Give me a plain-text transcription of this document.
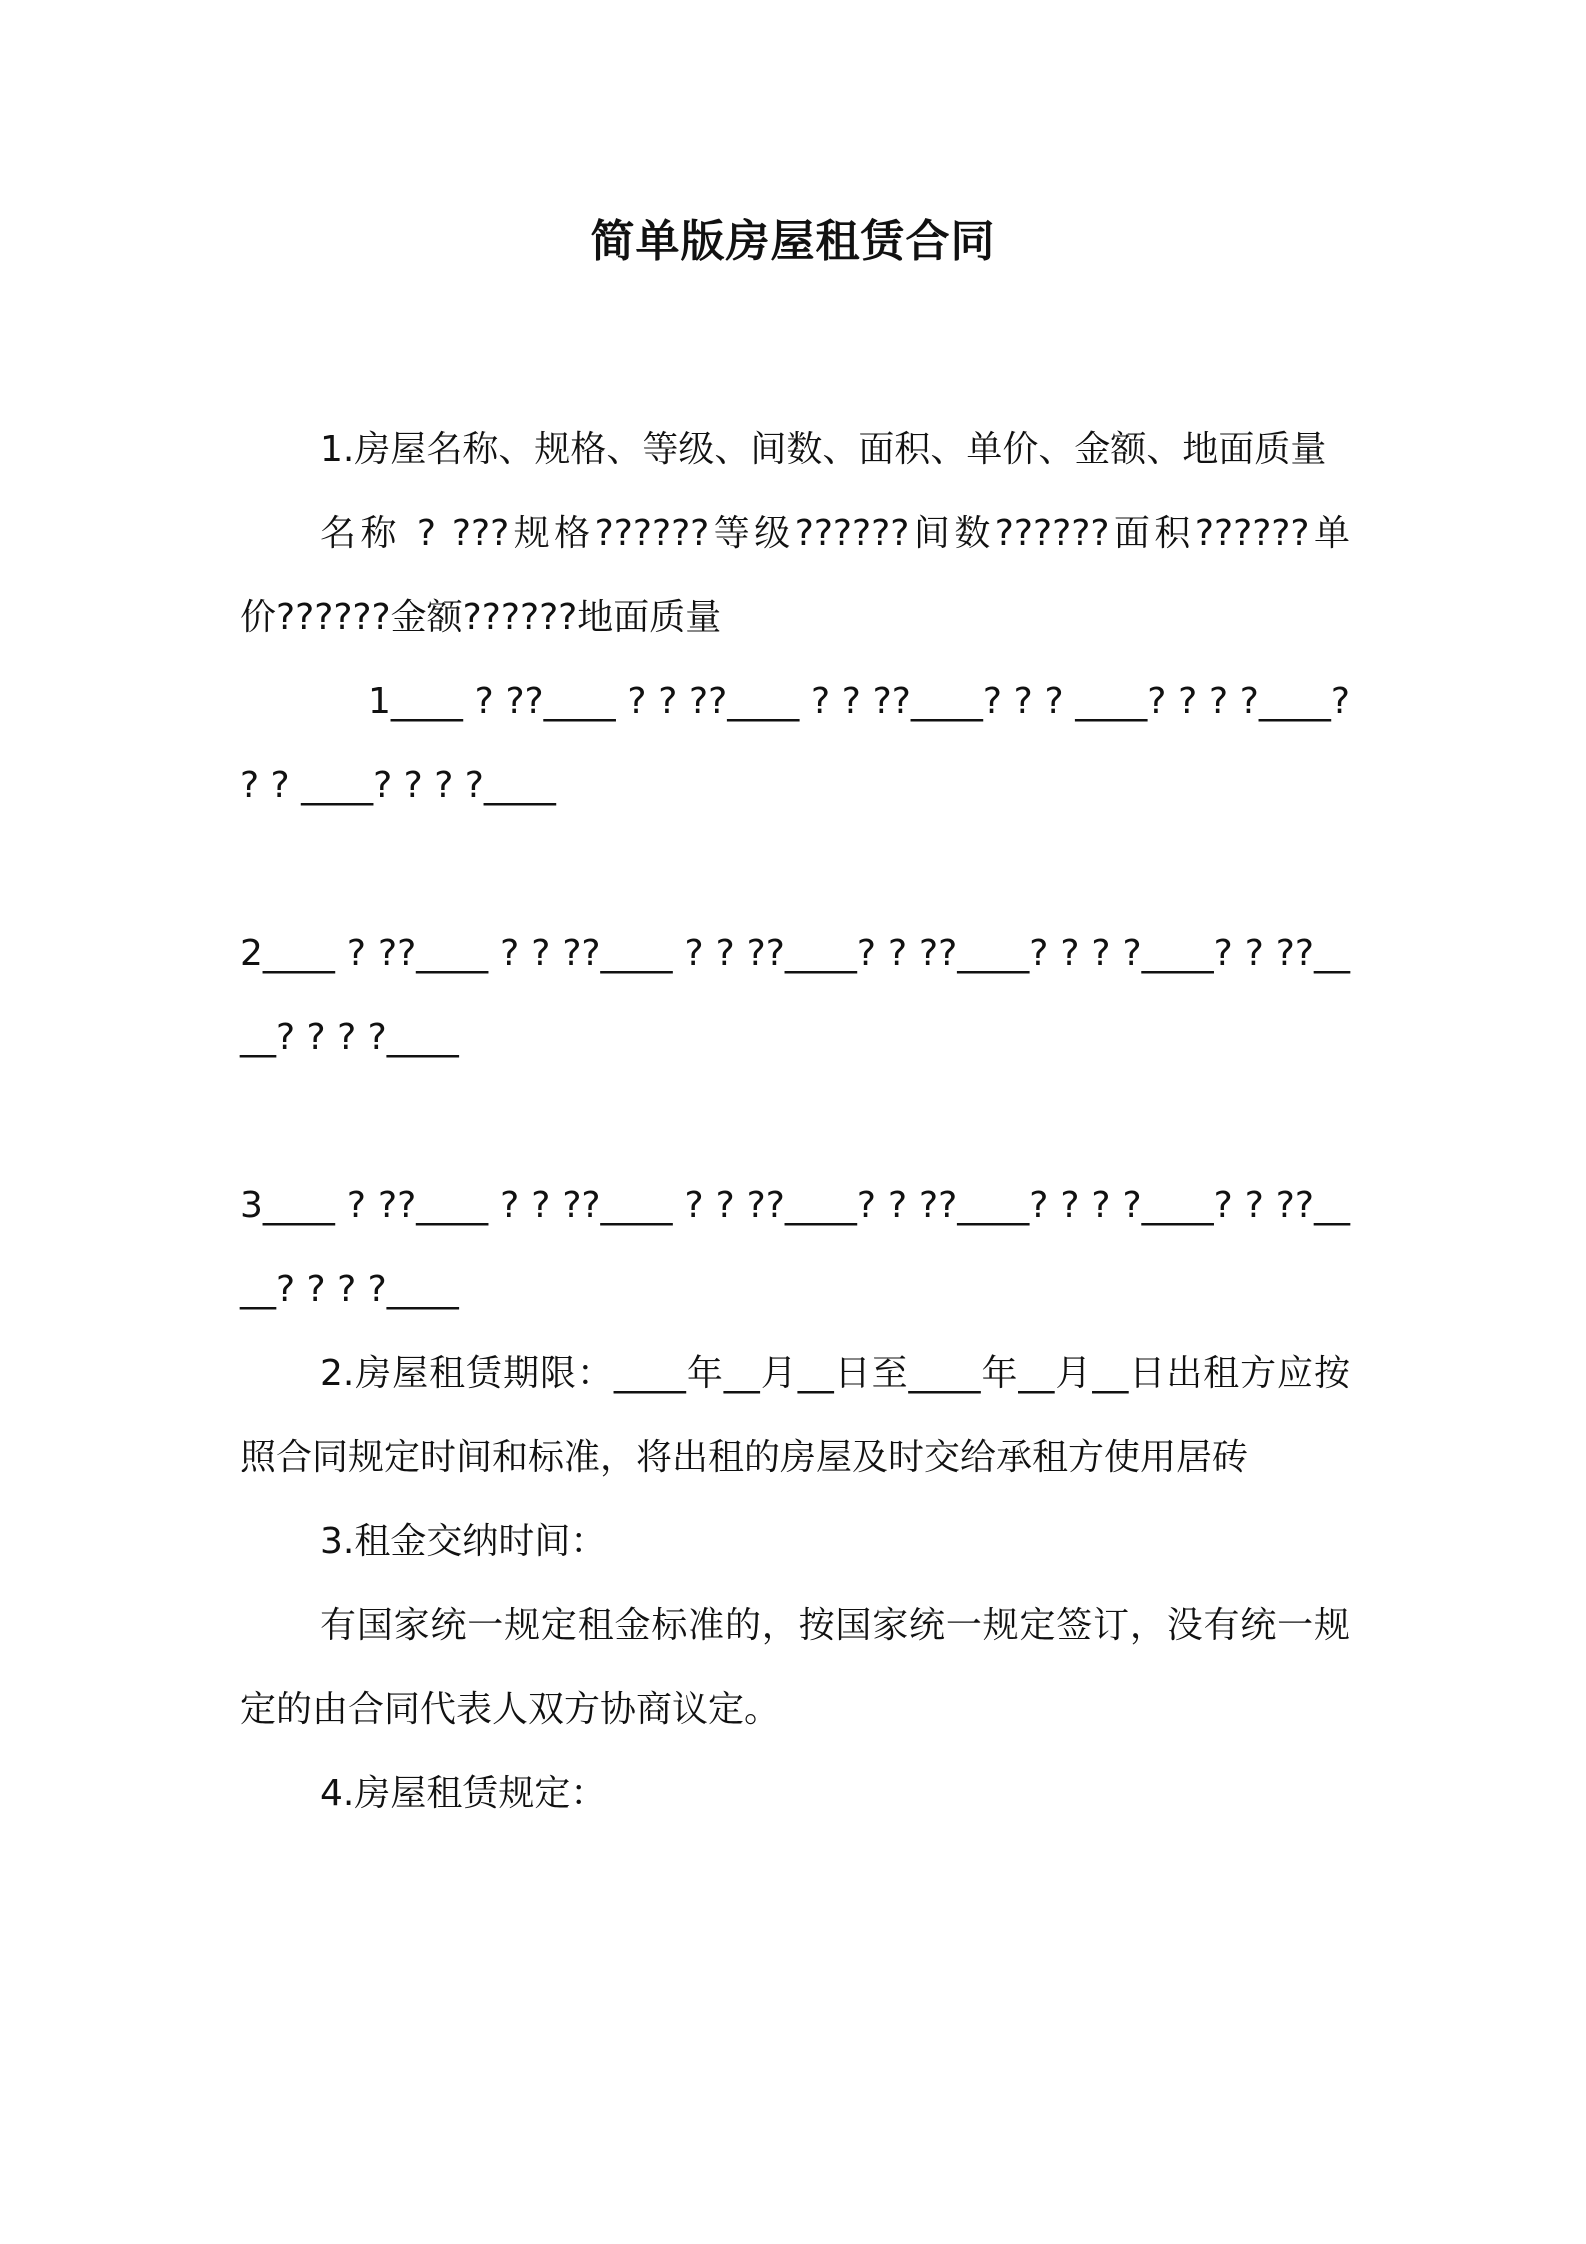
简单版房屋租赁合同

1.房屋名称、规格、等级、间数、面积、单价、金额、地面质量

名称 ? ???规格??????等级??????间数??????面积??????单价??????金额??????地面质量

1____ ? ??____ ? ? ??____ ? ? ??____? ? ? ____? ? ? ?____? ? ? ____? ? ? ?____

2____ ? ??____ ? ? ??____ ? ? ??____? ? ??____? ? ? ?____? ? ??____? ? ? ?____

3____ ? ??____ ? ? ??____ ? ? ??____? ? ??____? ? ? ?____? ? ??____? ? ? ?____

2.房屋租赁期限：____年__月__日至____年__月__日出租方应按照合同规定时间和标准，将出租的房屋及时交给承租方使用居砖

3.租金交纳时间：

有国家统一规定租金标准的，按国家统一规定签订，没有统一规定的由合同代表人双方协商议定。

4.房屋租赁规定：
